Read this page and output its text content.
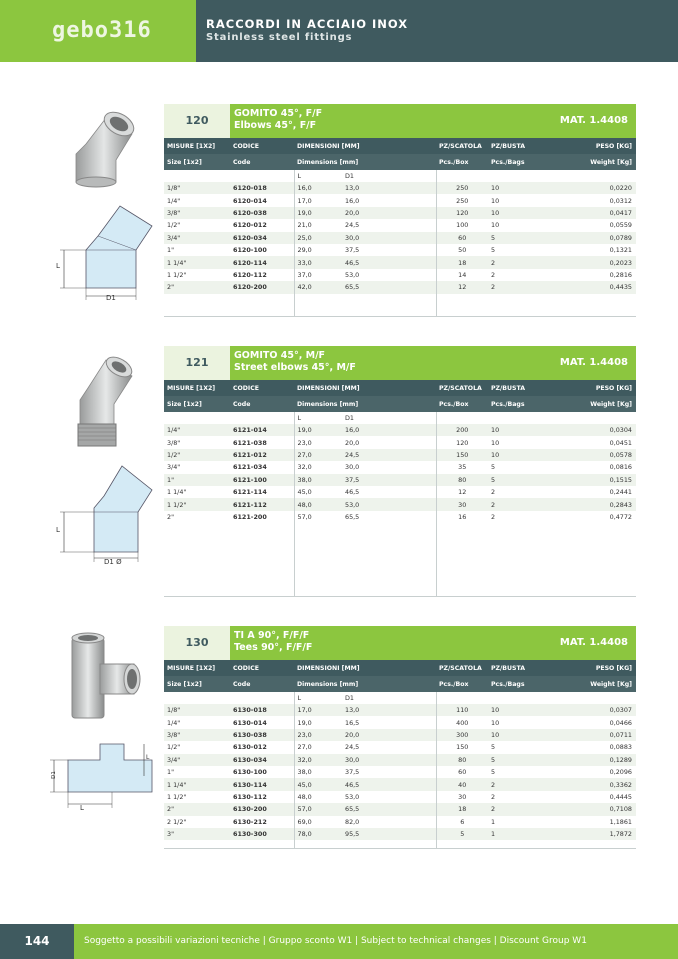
gebo316	RACCORDI IN ACCIAIO INOX
Stainless steel fittings
L
D1
L
D1 Ø
D1
L
L
120
GOMITO 45°, F/F
Elbows 45°, F/F	MAT. 1.4408
MISURE [1X2]	CODICE	DIMENSIONI [MM]		PZ/SCATOLA	PZ/BUSTA	PESO [KG]
Size [1x2]	Code	Dimensions [mm]		Pcs./Box	Pcs./Bags	Weight [Kg]
		L	D1			
1/8"	6120-018	16,0	13,0	250	10	0,0220
1/4"	6120-014	17,0	16,0	250	10	0,0312
3/8"	6120-038	19,0	20,0	120	10	0,0417
1/2"	6120-012	21,0	24,5	100	10	0,0559
3/4"	6120-034	25,0	30,0	60	5	0,0789
1"	6120-100	29,0	37,5	50	5	0,1321
1 1/4"	6120-114	33,0	46,5	18	2	0,2023
1 1/2"	6120-112	37,0	53,0	14	2	0,2816
2"	6120-200	42,0	65,5	12	2	0,4435

121
GOMITO 45°, M/F
Street elbows 45°, M/F	MAT. 1.4408
MISURE [1X2]	CODICE	DIMENSIONI [MM]		PZ/SCATOLA	PZ/BUSTA	PESO [KG]
Size [1x2]	Code	Dimensions [mm]		Pcs./Box	Pcs./Bags	Weight [Kg]
		L	D1			
1/4"	6121-014	19,0	16,0	200	10	0,0304
3/8"	6121-038	23,0	20,0	120	10	0,0451
1/2"	6121-012	27,0	24,5	150	10	0,0578
3/4"	6121-034	32,0	30,0	35	5	0,0816
1"	6121-100	38,0	37,5	80	5	0,1515
1 1/4"	6121-114	45,0	46,5	12	2	0,2441
1 1/2"	6121-112	48,0	53,0	30	2	0,2843
2"	6121-200	57,0	65,5	16	2	0,4772

130
TI A 90°, F/F/F
Tees 90°, F/F/F	MAT. 1.4408
MISURE [1X2]	CODICE	DIMENSIONI [MM]		PZ/SCATOLA	PZ/BUSTA	PESO [KG]
Size [1x2]	Code	Dimensions [mm]		Pcs./Box	Pcs./Bags	Weight [Kg]
		L	D1			
1/8"	6130-018	17,0	13,0	110	10	0,0307
1/4"	6130-014	19,0	16,5	400	10	0,0466
3/8"	6130-038	23,0	20,0	300	10	0,0711
1/2"	6130-012	27,0	24,5	150	5	0,0883
3/4"	6130-034	32,0	30,0	80	5	0,1289
1"	6130-100	38,0	37,5	60	5	0,2096
1 1/4"	6130-114	45,0	46,5	40	2	0,3362
1 1/2"	6130-112	48,0	53,0	30	2	0,4445
2"	6130-200	57,0	65,5	18	2	0,7108
2 1/2"	6130-212	69,0	82,0	6	1	1,1861
3"	6130-300	78,0	95,5	5	1	1,7872

144	Soggetto a possibili variazioni tecniche | Gruppo sconto W1 | Subject to technical changes | Discount Group W1
